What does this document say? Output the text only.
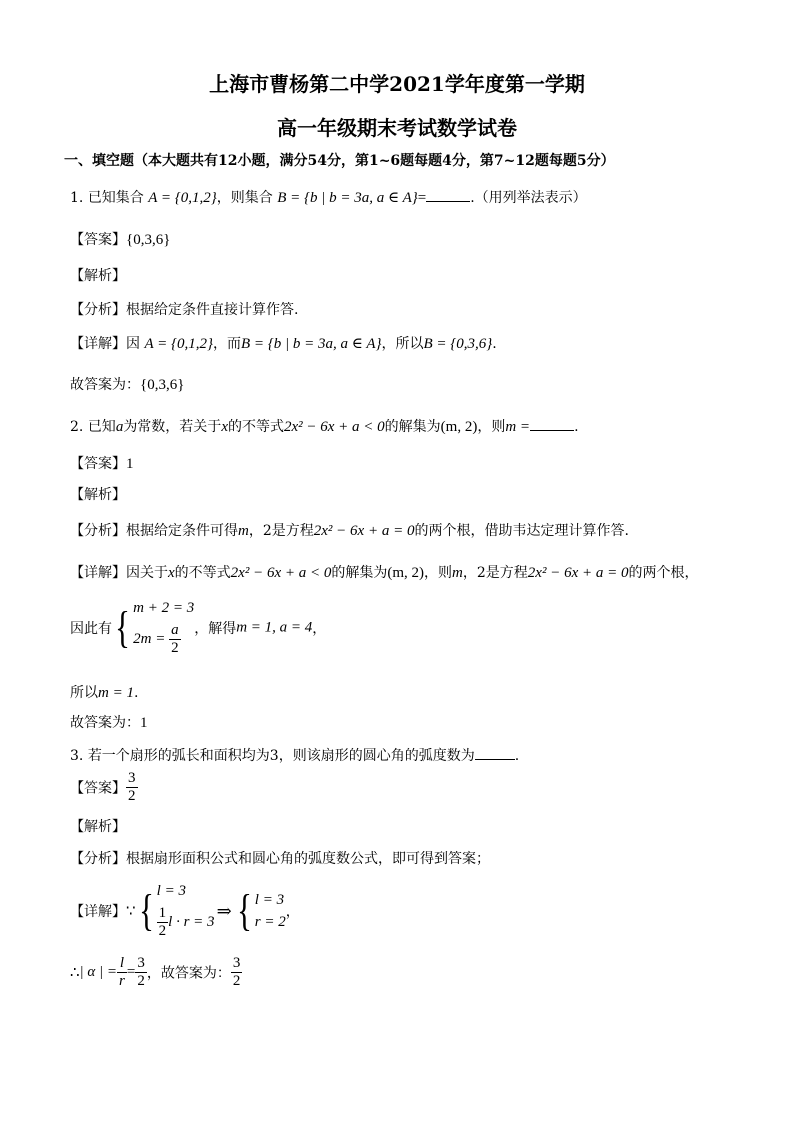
上海市曹杨第二中学2021学年度第一学期
高一年级期末考试数学试卷
一、填空题（本大题共有12小题，满分54分，第1~6题每题4分，第7~12题每题5分）
1. 已知集合 A = {0,1,2}，则集合 B = {b | b = 3a, a ∈ A}=	.（用列举法表示）
【答案】{0,3,6}
【解析】
【分析】根据给定条件直接计算作答.
【详解】因 A = {0,1,2}，而B = {b | b = 3a, a ∈ A}，所以B = {0,3,6}.
故答案为：{0,3,6}
2. 已知a为常数，若关于x的不等式2x² − 6x + a < 0的解集为(m, 2)，则m =	.
【答案】1
【解析】
【分析】根据给定条件可得m，2是方程2x² − 6x + a = 0的两个根，借助韦达定理计算作答.
【详解】因关于x的不等式2x² − 6x + a < 0的解集为(m, 2)，则m，2是方程2x² − 6x + a = 0的两个根，
因此有{ m + 2 = 3
$2m = \frac{a}{2}$ ，解得m = 1, a = 4，
所以m = 1.
故答案为：1
3. 若一个扇形的弧长和面积均为3，则该扇形的圆心角的弧度数为	.
【答案】 $\frac{3}{2}$
【解析】
【分析】根据扇形面积公式和圆心角的弧度数公式，即可得到答案；
【详解】∵{ l = 3
$\frac{1}{2}$ l · r = 3
⇒ { l = 3
r = 2
，
∴| α | = $\frac{l}{r} = \frac{3}{2}$ ，故答案为： $\frac{3}{2}$
